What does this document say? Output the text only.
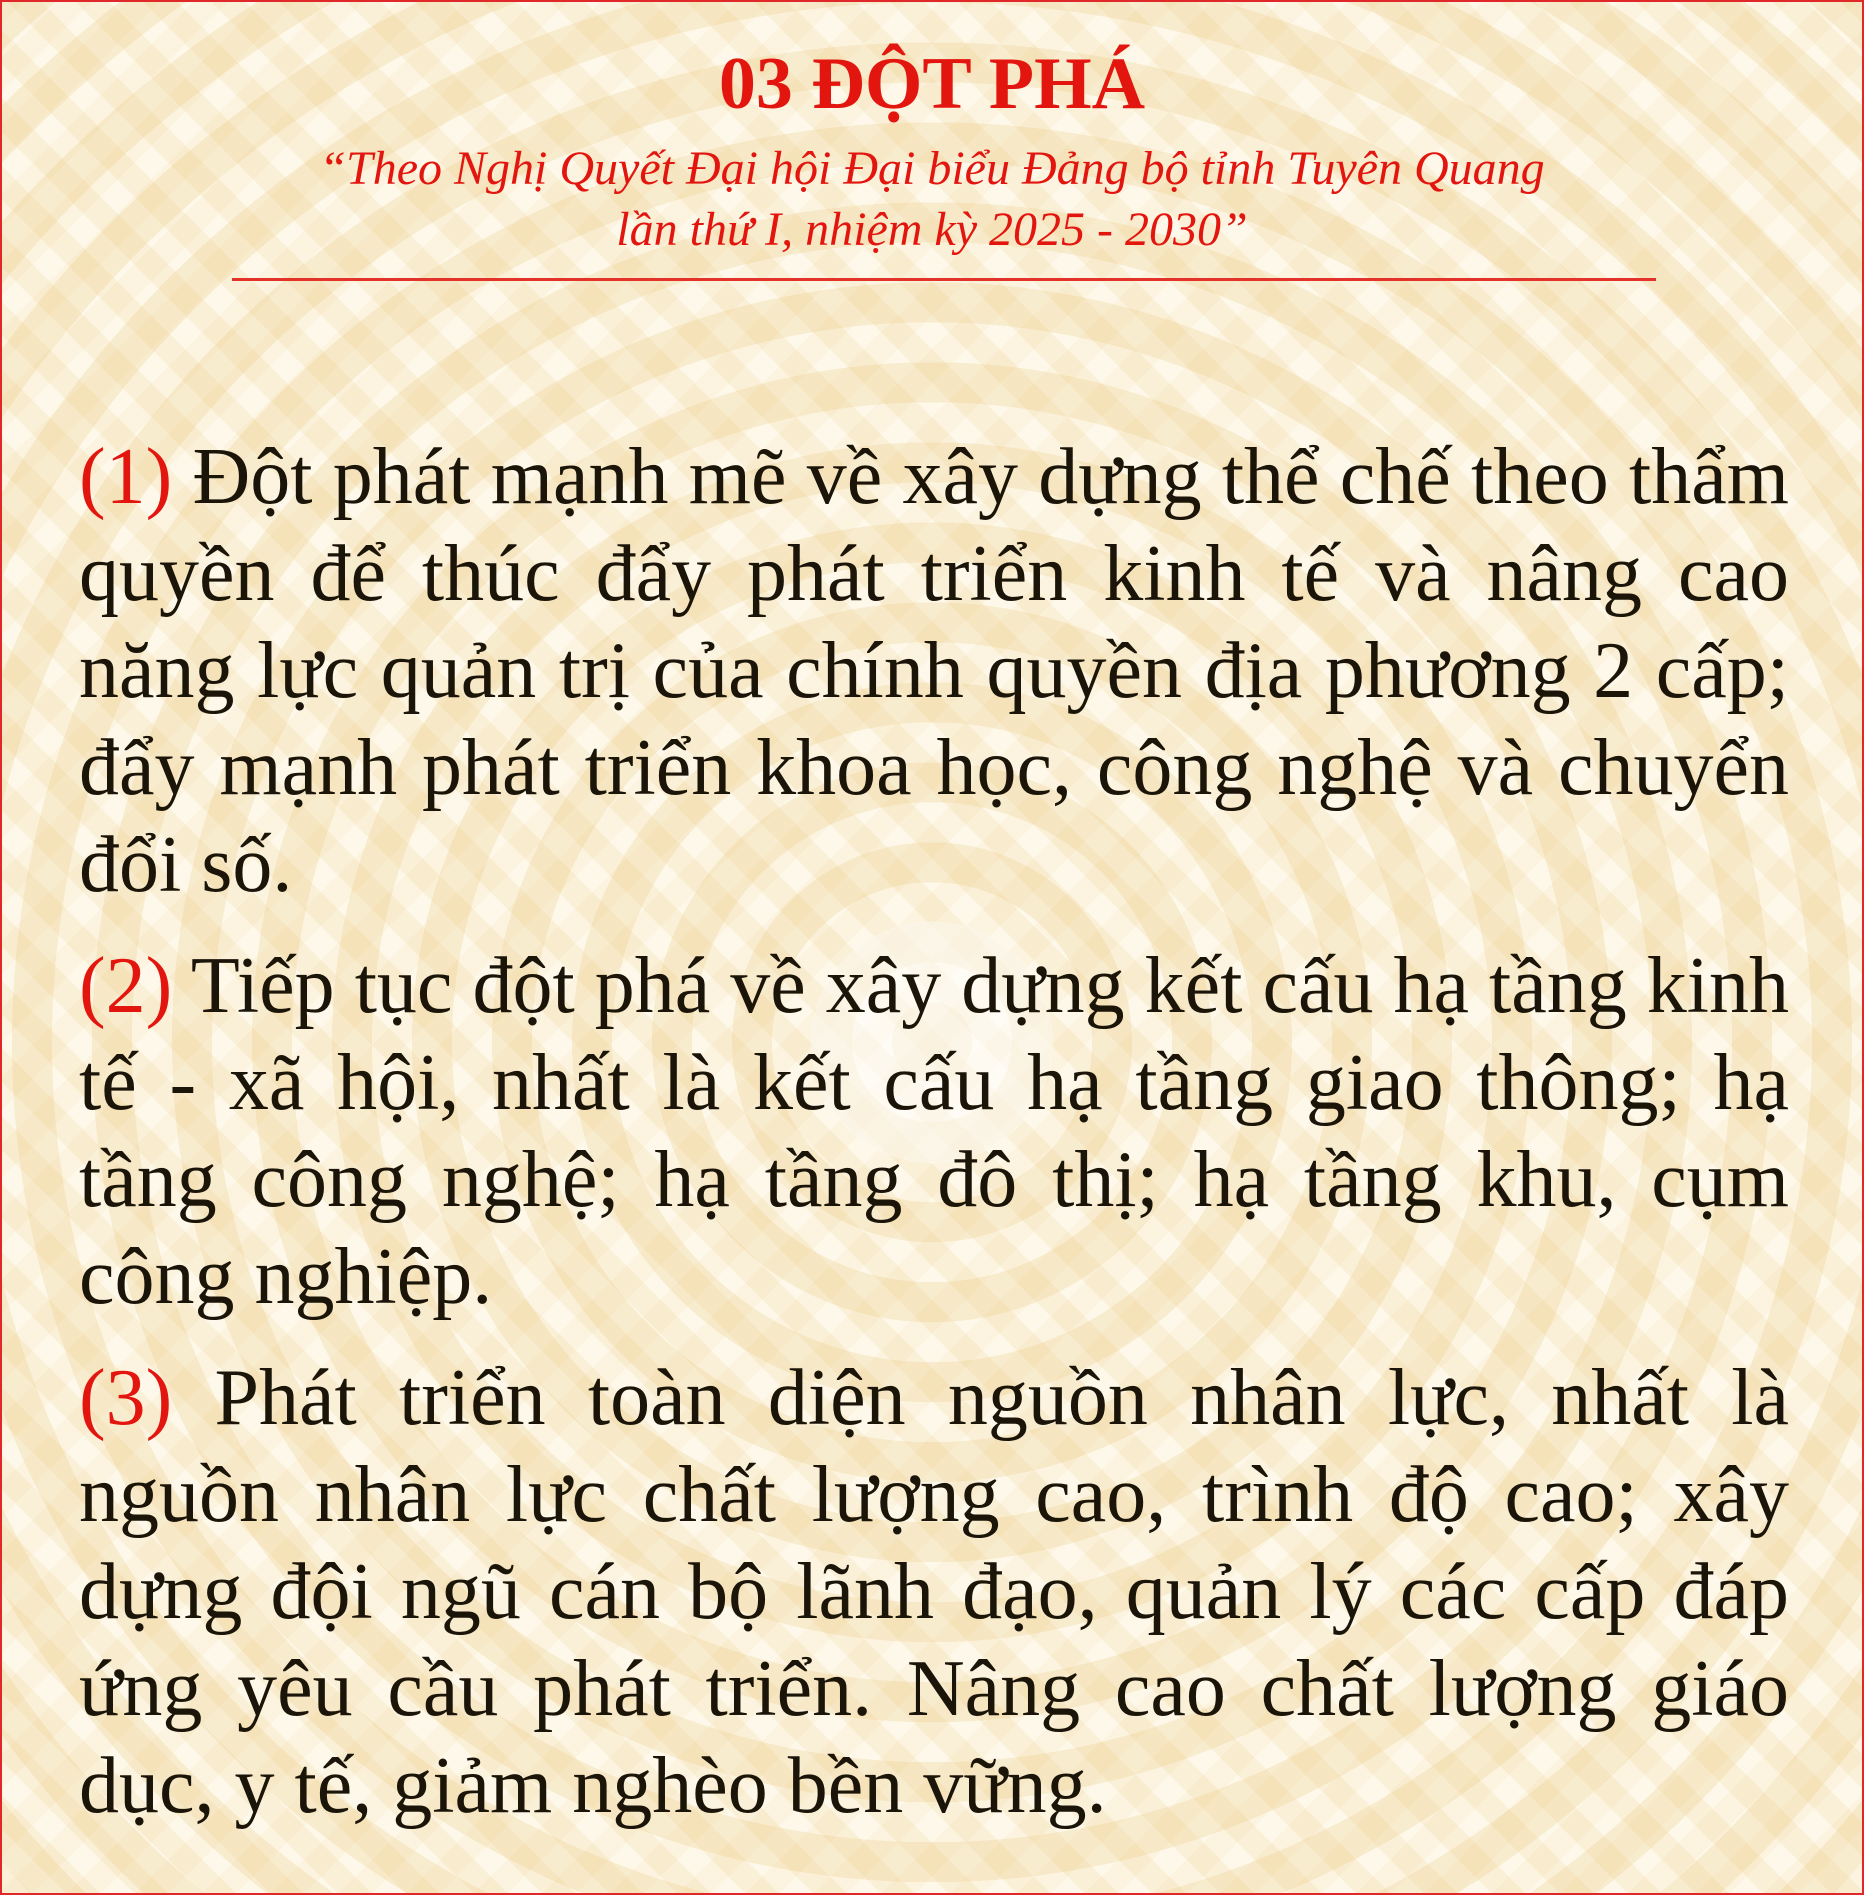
03 ĐỘT PHÁ
“Theo Nghị Quyết Đại hội Đại biểu Đảng bộ tỉnh Tuyên Quang
lần thứ I, nhiệm kỳ 2025 - 2030”

(1) Đột phát mạnh mẽ về xây dựng thể chế theo thẩm quyền để thúc đẩy phát triển kinh tế và nâng cao năng lực quản trị của chính quyền địa phương 2 cấp; đẩy mạnh phát triển khoa học, công nghệ và chuyển đổi số.

(2) Tiếp tục đột phá về xây dựng kết cấu hạ tầng kinh tế - xã hội, nhất là kết cấu hạ tầng giao thông; hạ tầng công nghệ; hạ tầng đô thị; hạ tầng khu, cụm công nghiệp.

(3) Phát triển toàn diện nguồn nhân lực, nhất là nguồn nhân lực chất lượng cao, trình độ cao; xây dựng đội ngũ cán bộ lãnh đạo, quản lý các cấp đáp ứng yêu cầu phát triển. Nâng cao chất lượng giáo dục, y tế, giảm nghèo bền vững.
